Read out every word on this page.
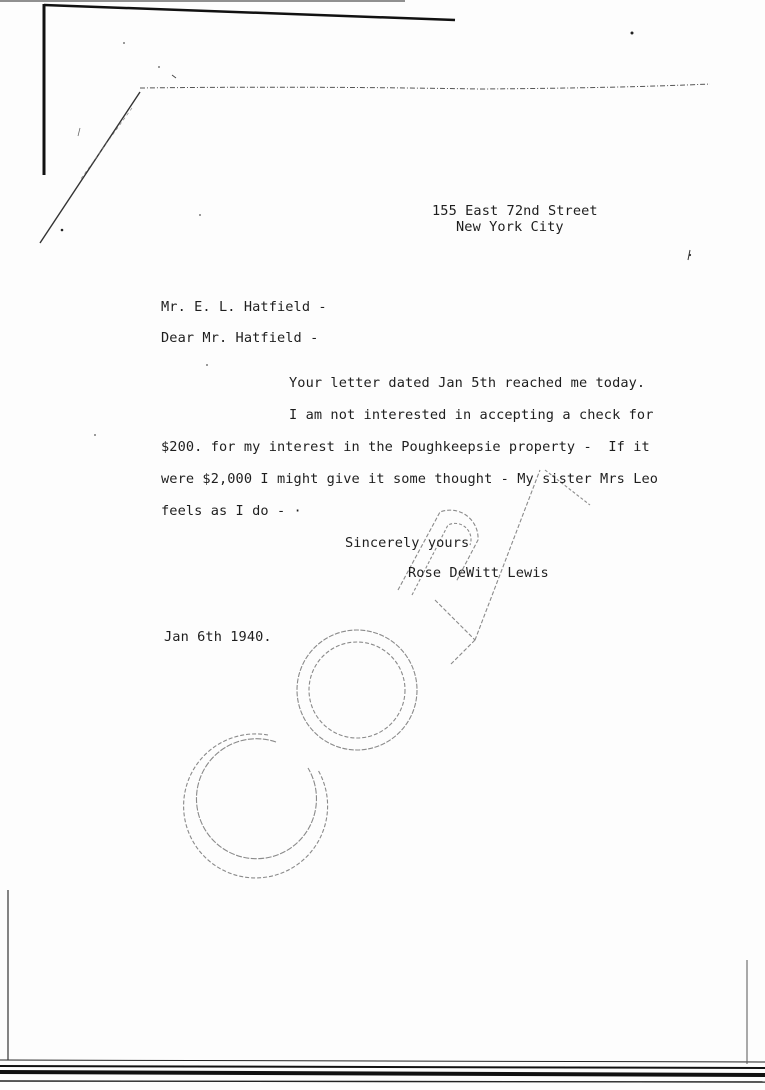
155 East 72nd Street
New York City
Mr. E. L. Hatfield -
Dear Mr. Hatfield -
Your letter dated Jan 5th reached me today.
I am not interested in accepting a check for
$200. for my interest in the Poughkeepsie property -  If it
were $2,000 I might give it some thought - My sister Mrs Leo
feels as I do - ·
Sincerely yours
Rose DeWitt Lewis
Jan 6th 1940.
